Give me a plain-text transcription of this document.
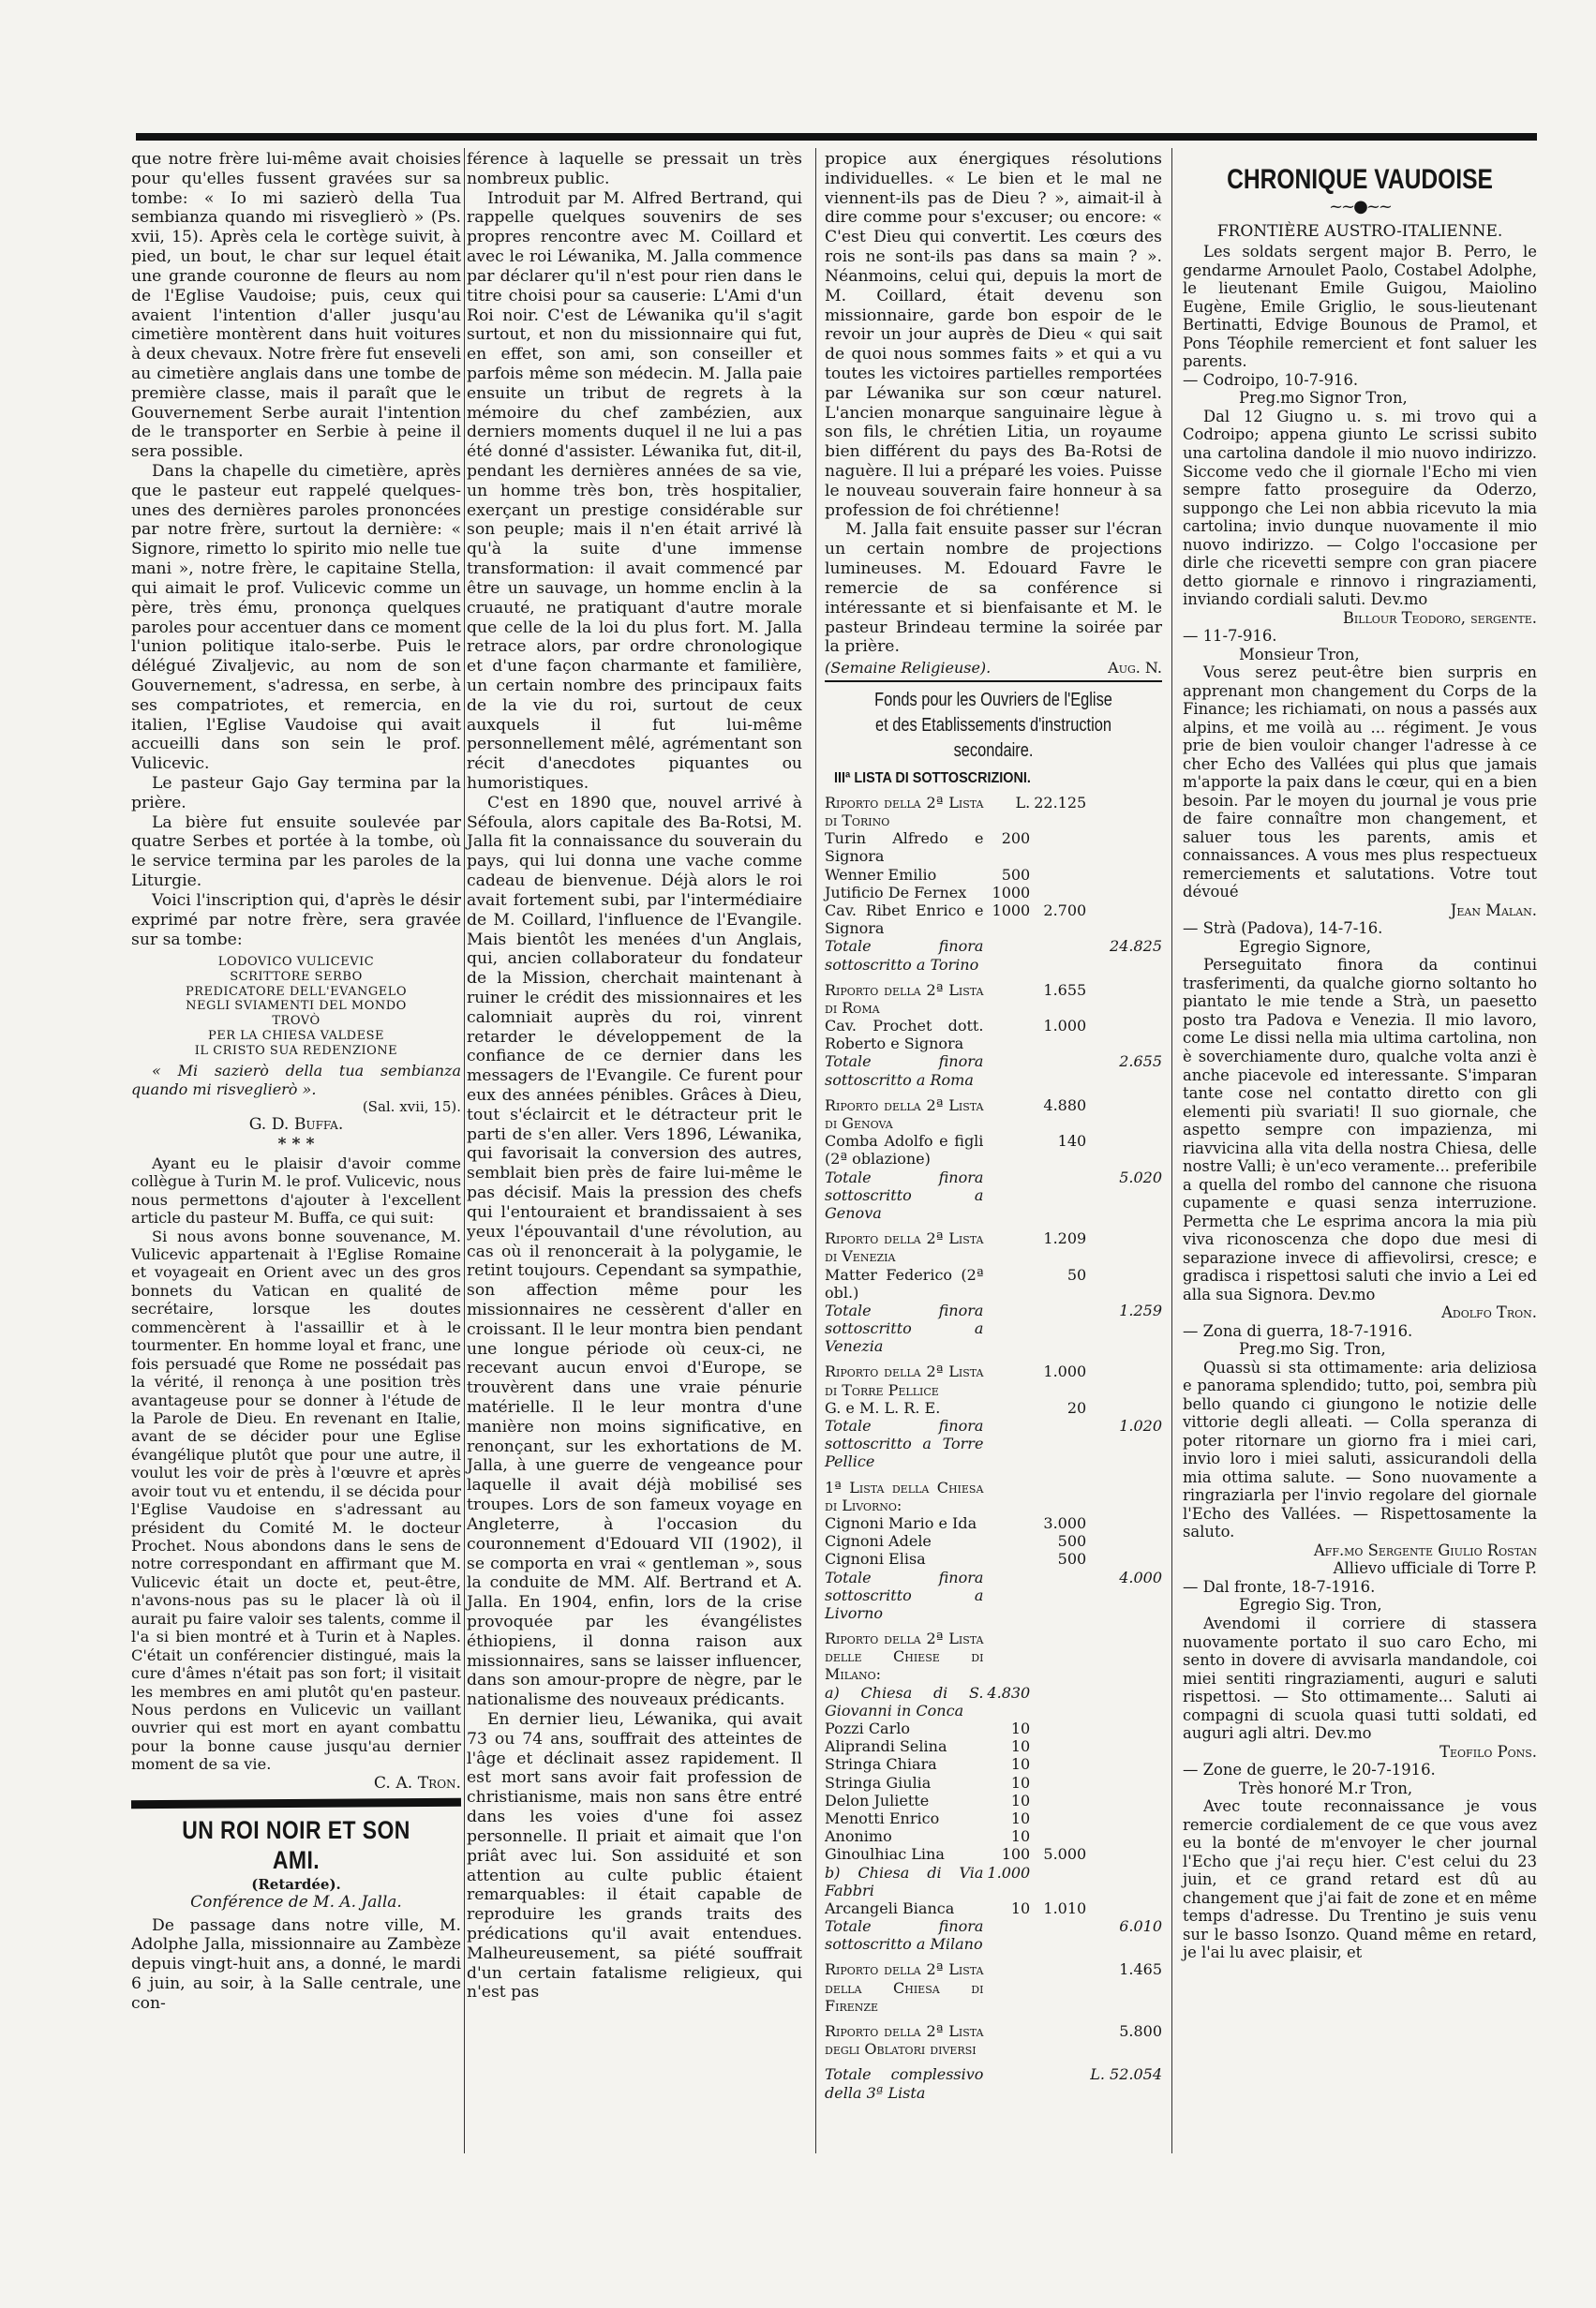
que notre frère lui-même avait choisies pour qu'elles fussent gravées sur sa tombe: « Io mi sazierò della Tua sembianza quando mi risveglierò » (Ps. xvii, 15). Après cela le cortège suivit, à pied, un bout, le char sur lequel était une grande couronne de fleurs au nom de l'Eglise Vaudoise; puis, ceux qui avaient l'intention d'aller jusqu'au cimetière montèrent dans huit voitures à deux chevaux. Notre frère fut enseveli au cimetière anglais dans une tombe de première classe, mais il paraît que le Gouvernement Serbe aurait l'intention de le transporter en Serbie à peine il sera possible.

Dans la chapelle du cimetière, après que le pasteur eut rappelé quelques-unes des dernières paroles prononcées par notre frère, surtout la dernière: « Signore, rimetto lo spirito mio nelle tue mani », notre frère, le capitaine Stella, qui aimait le prof. Vulicevic comme un père, très ému, prononça quelques paroles pour accentuer dans ce moment l'union politique italo-serbe. Puis le délégué Zivaljevic, au nom de son Gouvernement, s'adressa, en serbe, à ses compatriotes, et remercia, en italien, l'Eglise Vaudoise qui avait accueilli dans son sein le prof. Vulicevic.

Le pasteur Gajo Gay termina par la prière.

La bière fut ensuite soulevée par quatre Serbes et portée à la tombe, où le service termina par les paroles de la Liturgie.

Voici l'inscription qui, d'après le désir exprimé par notre frère, sera gravée sur sa tombe:

LODOVICO VULICEVIC

SCRITTORE SERBO

PREDICATORE DELL'EVANGELO

NEGLI SVIAMENTI DEL MONDO

TROVÒ

PER LA CHIESA VALDESE

IL CRISTO SUA REDENZIONE

« Mi sazierò della tua sembianza quando mi risveglierò ».

(Sal. xvii, 15).

G. D. Buffa.

* * *

Ayant eu le plaisir d'avoir comme collègue à Turin M. le prof. Vulicevic, nous nous permettons d'ajouter à l'excellent article du pasteur M. Buffa, ce qui suit:

Si nous avons bonne souvenance, M. Vulicevic appartenait à l'Eglise Romaine et voyageait en Orient avec un des gros bonnets du Vatican en qualité de secrétaire, lorsque les doutes commencèrent à l'assaillir et à le tourmenter. En homme loyal et franc, une fois persuadé que Rome ne possédait pas la vérité, il renonça à une position très avantageuse pour se donner à l'étude de la Parole de Dieu. En revenant en Italie, avant de se décider pour une Eglise évangélique plutôt que pour une autre, il voulut les voir de près à l'œuvre et après avoir tout vu et entendu, il se décida pour l'Eglise Vaudoise en s'adressant au président du Comité M. le docteur Prochet. Nous abondons dans le sens de notre correspondant en affirmant que M. Vulicevic était un docte et, peut-être, n'avons-nous pas su le placer là où il aurait pu faire valoir ses talents, comme il l'a si bien montré et à Turin et à Naples. C'était un conférencier distingué, mais la cure d'âmes n'était pas son fort; il visitait les membres en ami plutôt qu'en pasteur. Nous perdons en Vulicevic un vaillant ouvrier qui est mort en ayant combattu pour la bonne cause jusqu'au dernier moment de sa vie.

C. A. Tron.

UN ROI NOIR ET SON AMI.
(Retardée).
Conférence de M. A. Jalla.

De passage dans notre ville, M. Adolphe Jalla, missionnaire au Zambèze depuis vingt-huit ans, a donné, le mardi 6 juin, au soir, à la Salle centrale, une con-

férence à laquelle se pressait un très nombreux public.

Introduit par M. Alfred Bertrand, qui rappelle quelques souvenirs de ses propres rencontre avec M. Coillard et avec le roi Léwanika, M. Jalla commence par déclarer qu'il n'est pour rien dans le titre choisi pour sa causerie: L'Ami d'un Roi noir. C'est de Léwanika qu'il s'agit surtout, et non du missionnaire qui fut, en effet, son ami, son conseiller et parfois même son médecin. M. Jalla paie ensuite un tribut de regrets à la mémoire du chef zambézien, aux derniers moments duquel il ne lui a pas été donné d'assister. Léwanika fut, dit-il, pendant les dernières années de sa vie, un homme très bon, très hospitalier, exerçant un prestige considérable sur son peuple; mais il n'en était arrivé là qu'à la suite d'une immense transformation: il avait commencé par être un sauvage, un homme enclin à la cruauté, ne pratiquant d'autre morale que celle de la loi du plus fort. M. Jalla retrace alors, par ordre chronologique et d'une façon charmante et familière, un certain nombre des principaux faits de la vie du roi, surtout de ceux auxquels il fut lui-même personnellement mêlé, agrémentant son récit d'anecdotes piquantes ou humoristiques.

C'est en 1890 que, nouvel arrivé à Séfoula, alors capitale des Ba-Rotsi, M. Jalla fit la connaissance du souverain du pays, qui lui donna une vache comme cadeau de bienvenue. Déjà alors le roi avait fortement subi, par l'intermédiaire de M. Coillard, l'influence de l'Evangile. Mais bientôt les menées d'un Anglais, qui, ancien collaborateur du fondateur de la Mission, cherchait maintenant à ruiner le crédit des missionnaires et les calomniait auprès du roi, vinrent retarder le développement de la confiance de ce dernier dans les messagers de l'Evangile. Ce furent pour eux des années pénibles. Grâces à Dieu, tout s'éclaircit et le détracteur prit le parti de s'en aller. Vers 1896, Léwanika, qui favorisait la conversion des autres, semblait bien près de faire lui-même le pas décisif. Mais la pression des chefs qui l'entouraient et brandissaient à ses yeux l'épouvantail d'une révolution, au cas où il renoncerait à la polygamie, le retint toujours. Cependant sa sympathie, son affection même pour les missionnaires ne cessèrent d'aller en croissant. Il le leur montra bien pendant une longue période où ceux-ci, ne recevant aucun envoi d'Europe, se trouvèrent dans une vraie pénurie matérielle. Il le leur montra d'une manière non moins significative, en renonçant, sur les exhortations de M. Jalla, à une guerre de vengeance pour laquelle il avait déjà mobilisé ses troupes. Lors de son fameux voyage en Angleterre, à l'occasion du couronnement d'Edouard VII (1902), il se comporta en vrai « gentleman », sous la conduite de MM. Alf. Bertrand et A. Jalla. En 1904, enfin, lors de la crise provoquée par les évangélistes éthiopiens, il donna raison aux missionnaires, sans se laisser influencer, dans son amour-propre de nègre, par le nationalisme des nouveaux prédicants.

En dernier lieu, Léwanika, qui avait 73 ou 74 ans, souffrait des atteintes de l'âge et déclinait assez rapidement. Il est mort sans avoir fait profession de christianisme, mais non sans être entré dans les voies d'une foi assez personnelle. Il priait et aimait que l'on priât avec lui. Son assiduité et son attention au culte public étaient remarquables: il était capable de reproduire les grands traits des prédications qu'il avait entendues. Malheureusement, sa piété souffrait d'un certain fatalisme religieux, qui n'est pas

propice aux énergiques résolutions individuelles. « Le bien et le mal ne viennent-ils pas de Dieu ? », aimait-il à dire comme pour s'excuser; ou encore: « C'est Dieu qui convertit. Les cœurs des rois ne sont-ils pas dans sa main ? ». Néanmoins, celui qui, depuis la mort de M. Coillard, était devenu son missionnaire, garde bon espoir de le revoir un jour auprès de Dieu « qui sait de quoi nous sommes faits » et qui a vu toutes les victoires partielles remportées par Léwanika sur son cœur naturel. L'ancien monarque sanguinaire lègue à son fils, le chrétien Litia, un royaume bien différent du pays des Ba-Rotsi de naguère. Il lui a préparé les voies. Puisse le nouveau souverain faire honneur à sa profession de foi chrétienne!

M. Jalla fait ensuite passer sur l'écran un certain nombre de projections lumineuses. M. Edouard Favre le remercie de sa conférence si intéressante et si bienfaisante et M. le pasteur Brindeau termine la soirée par la prière.

(Semaine Religieuse).	Aug. N.
Fonds pour les Ouvriers de l'Eglise
et des Etablissements d'instruction secondaire.
IIIª LISTA DI SOTTOSCRIZIONI.
Riporto della 2ª Lista di Torino	L.	22.125	
Turin Alfredo e Signora	200		
Wenner Emilio	500		
Jutificio De Fernex	1000		
Cav. Ribet Enrico e Signora	1000	2.700	
Totale finora sottoscritto a Torino			24.825

Riporto della 2ª Lista di Roma		1.655	
Cav. Prochet dott. Roberto e Signora		1.000	
Totale finora sottoscritto a Roma			2.655

Riporto della 2ª Lista di Genova		4.880	
Comba Adolfo e figli (2ª oblazione)		140	
Totale finora sottoscritto a Genova			5.020

Riporto della 2ª Lista di Venezia		1.209	
Matter Federico (2ª obl.)		50	
Totale finora sottoscritto a Venezia			1.259

Riporto della 2ª Lista di Torre Pellice		1.000	
G. e M. L. R. E.		20	
Totale finora sottoscritto a Torre Pellice			1.020

1ª Lista della Chiesa di Livorno:			
Cignoni Mario e Ida		3.000	
Cignoni Adele		500	
Cignoni Elisa		500	
Totale finora sottoscritto a Livorno			4.000

Riporto della 2ª Lista delle Chiese di Milano:			
a) Chiesa di S. Giovanni in Conca	4.830		
Pozzi Carlo	10		
Aliprandi Selina	10		
Stringa Chiara	10		
Stringa Giulia	10		
Delon Juliette	10		
Menotti Enrico	10		
Anonimo	10		
Ginoulhiac Lina	100	5.000	
b) Chiesa di Via Fabbri	1.000		
Arcangeli Bianca	10	1.010	
Totale finora sottoscritto a Milano			6.010

Riporto della 2ª Lista della Chiesa di Firenze			1.465

Riporto della 2ª Lista degli Oblatori diversi			5.800

Totale complessivo della 3ª Lista			L. 52.054
CHRONIQUE VAUDOISE
~~●~~
FRONTIÈRE AUSTRO-ITALIENNE.

Les soldats sergent major B. Perro, le gendarme Arnoulet Paolo, Costabel Adolphe, le lieutenant Emile Guigou, Maiolino Eugène, Emile Griglio, le sous-lieutenant Bertinatti, Edvige Bounous de Pramol, et Pons Téophile remercient et font saluer les parents.

— Codroipo, 10-7-916.

Preg.mo Signor Tron,

Dal 12 Giugno u. s. mi trovo qui a Codroipo; appena giunto Le scrissi subito una cartolina dandole il mio nuovo indirizzo. Siccome vedo che il giornale l'Echo mi vien sempre fatto proseguire da Oderzo, suppongo che Lei non abbia ricevuto la mia cartolina; invio dunque nuovamente il mio nuovo indirizzo. — Colgo l'occasione per dirle che ricevetti sempre con gran piacere detto giornale e rinnovo i ringraziamenti, inviando cordiali saluti. Dev.mo

Billour Teodoro, sergente.

— 11-7-916.

Monsieur Tron,

Vous serez peut-être bien surpris en apprenant mon changement du Corps de la Finance; les richiamati, on nous a passés aux alpins, et me voilà au ... régiment. Je vous prie de bien vouloir changer l'adresse à ce cher Echo des Vallées qui plus que jamais m'apporte la paix dans le cœur, qui en a bien besoin. Par le moyen du journal je vous prie de faire connaître mon changement, et saluer tous les parents, amis et connaissances. A vous mes plus respectueux remerciements et salutations. Votre tout dévoué

Jean Malan.

— Strà (Padova), 14-7-16.

Egregio Signore,

Perseguitato finora da continui trasferimenti, da qualche giorno soltanto ho piantato le mie tende a Strà, un paesetto posto tra Padova e Venezia. Il mio lavoro, come Le dissi nella mia ultima cartolina, non è soverchiamente duro, qualche volta anzi è anche piacevole ed interessante. S'imparan tante cose nel contatto diretto con gli elementi più svariati! Il suo giornale, che aspetto sempre con impazienza, mi riavvicina alla vita della nostra Chiesa, delle nostre Valli; è un'eco veramente... preferibile a quella del rombo del cannone che risuona cupamente e quasi senza interruzione. Permetta che Le esprima ancora la mia più viva riconoscenza che dopo due mesi di separazione invece di affievolirsi, cresce; e gradisca i rispettosi saluti che invio a Lei ed alla sua Signora. Dev.mo

Adolfo Tron.

— Zona di guerra, 18-7-1916.

Preg.mo Sig. Tron,

Quassù si sta ottimamente: aria deliziosa e panorama splendido; tutto, poi, sembra più bello quando ci giungono le notizie delle vittorie degli alleati. — Colla speranza di poter ritornare un giorno fra i miei cari, invio loro i miei saluti, assicurandoli della mia ottima salute. — Sono nuovamente a ringraziarla per l'invio regolare del giornale l'Echo des Vallées. — Rispettosamente la saluto.

Aff.mo Sergente Giulio Rostan

Allievo ufficiale di Torre P.

— Dal fronte, 18-7-1916.

Egregio Sig. Tron,

Avendomi il corriere di stassera nuovamente portato il suo caro Echo, mi sento in dovere di avvisarla mandandole, coi miei sentiti ringraziamenti, auguri e saluti rispettosi. — Sto ottimamente... Saluti ai compagni di scuola quasi tutti soldati, ed auguri agli altri. Dev.mo

Teofilo Pons.

— Zone de guerre, le 20-7-1916.

Très honoré M.r Tron,

Avec toute reconnaissance je vous remercie cordialement de ce que vous avez eu la bonté de m'envoyer le cher journal l'Echo que j'ai reçu hier. C'est celui du 23 juin, et ce grand retard est dû au changement que j'ai fait de zone et en même temps d'adresse. Du Trentino je suis venu sur le basso Isonzo. Quand même en retard, je l'ai lu avec plaisir, et
